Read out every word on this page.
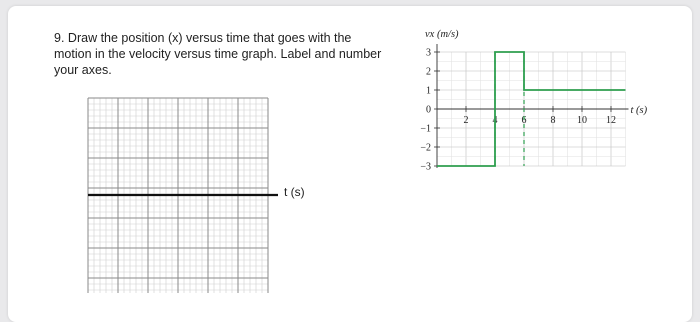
9. Draw the position (x) versus time that goes with the motion in the velocity versus time graph. Label and number your axes.
t (s)
3
2
1
0
−1
−2
−3
2 4 6 8 10 12
vx (m/s)
t (s)
